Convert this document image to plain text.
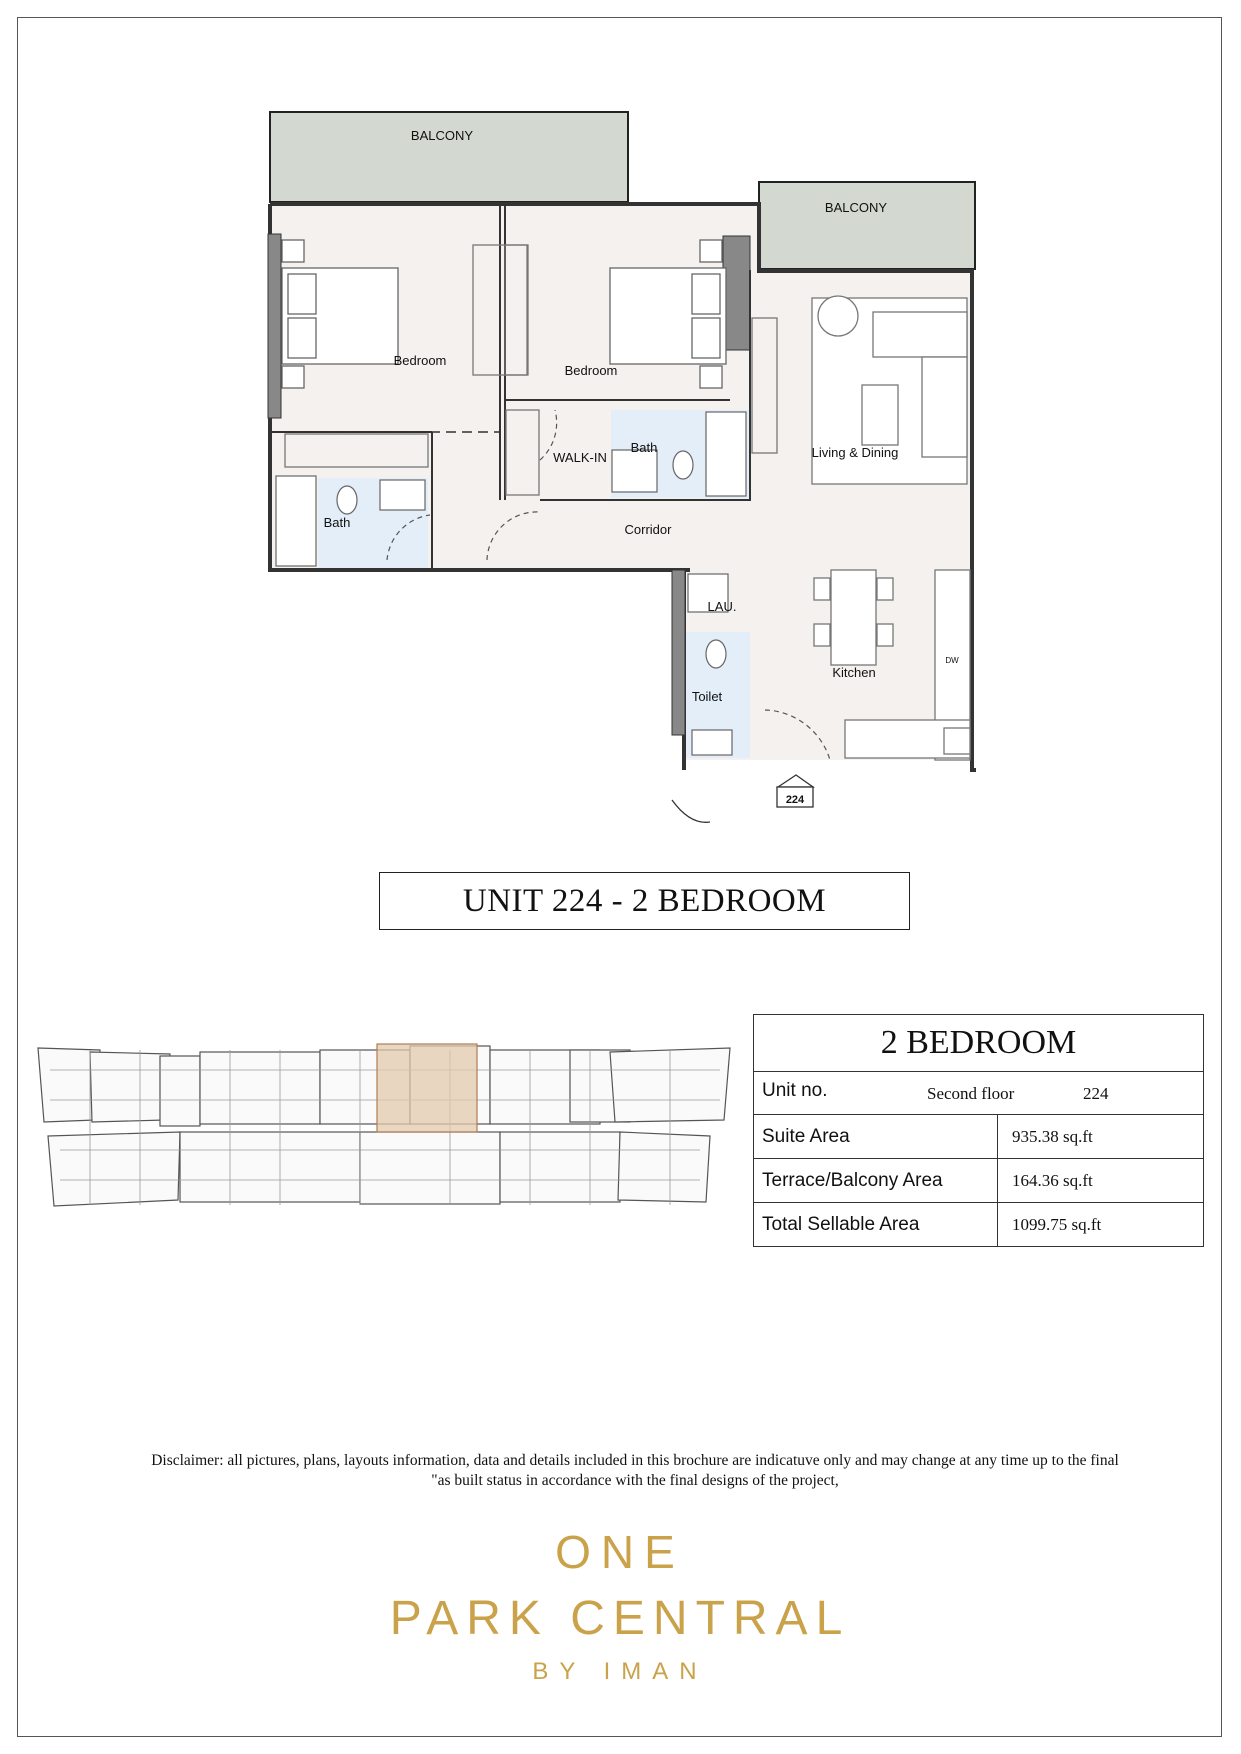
BALCONY
BALCONY
Bedroom
Bedroom
WALK-IN
Bath
Bath
Living & Dining
Corridor
LAU.
Kitchen
Toilet
DW
224
UNIT 224 - 2 BEDROOM
2 BEDROOM	

Unit no. Second floor 224	

Suite Area	935.38 sq.ft
Terrace/Balcony Area	164.36 sq.ft
Total Sellable Area	1099.75 sq.ft
Disclaimer: all pictures, plans, layouts information, data and details included in this brochure are indicatuve only and may change at any time up to the final
"as built status in accordance with the final designs of the project,
ONE
PARK CENTRAL
BY IMAN
